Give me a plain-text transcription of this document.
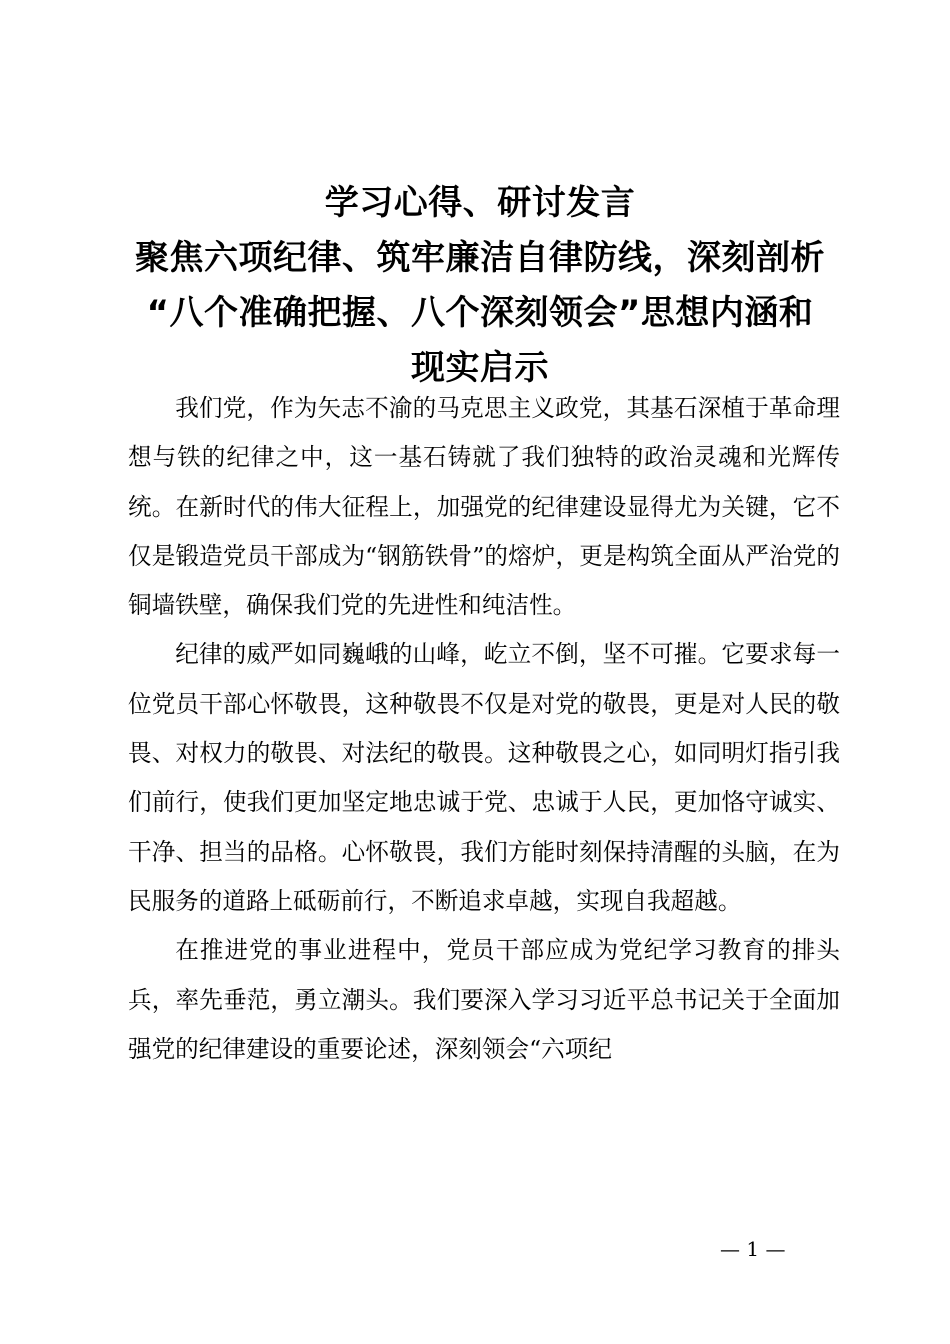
学习心得、研讨发言
聚焦六项纪律、筑牢廉洁自律防线，深刻剖析
“八个准确把握、八个深刻领会”思想内涵和
现实启示

我们党，作为矢志不渝的马克思主义政党，其基石深植于革命理想与铁的纪律之中，这一基石铸就了我们独特的政治灵魂和光辉传统。在新时代的伟大征程上，加强党的纪律建设显得尤为关键，它不仅是锻造党员干部成为“钢筋铁骨”的熔炉，更是构筑全面从严治党的铜墙铁壁，确保我们党的先进性和纯洁性。

纪律的威严如同巍峨的山峰，屹立不倒，坚不可摧。它要求每一位党员干部心怀敬畏，这种敬畏不仅是对党的敬畏，更是对人民的敬畏、对权力的敬畏、对法纪的敬畏。这种敬畏之心，如同明灯指引我们前行，使我们更加坚定地忠诚于党、忠诚于人民，更加恪守诚实、干净、担当的品格。心怀敬畏，我们方能时刻保持清醒的头脑，在为民服务的道路上砥砺前行，不断追求卓越，实现自我超越。

在推进党的事业进程中，党员干部应成为党纪学习教育的排头兵，率先垂范，勇立潮头。我们要深入学习习近平总书记关于全面加强党的纪律建设的重要论述，深刻领会“六项纪

— 1 —
